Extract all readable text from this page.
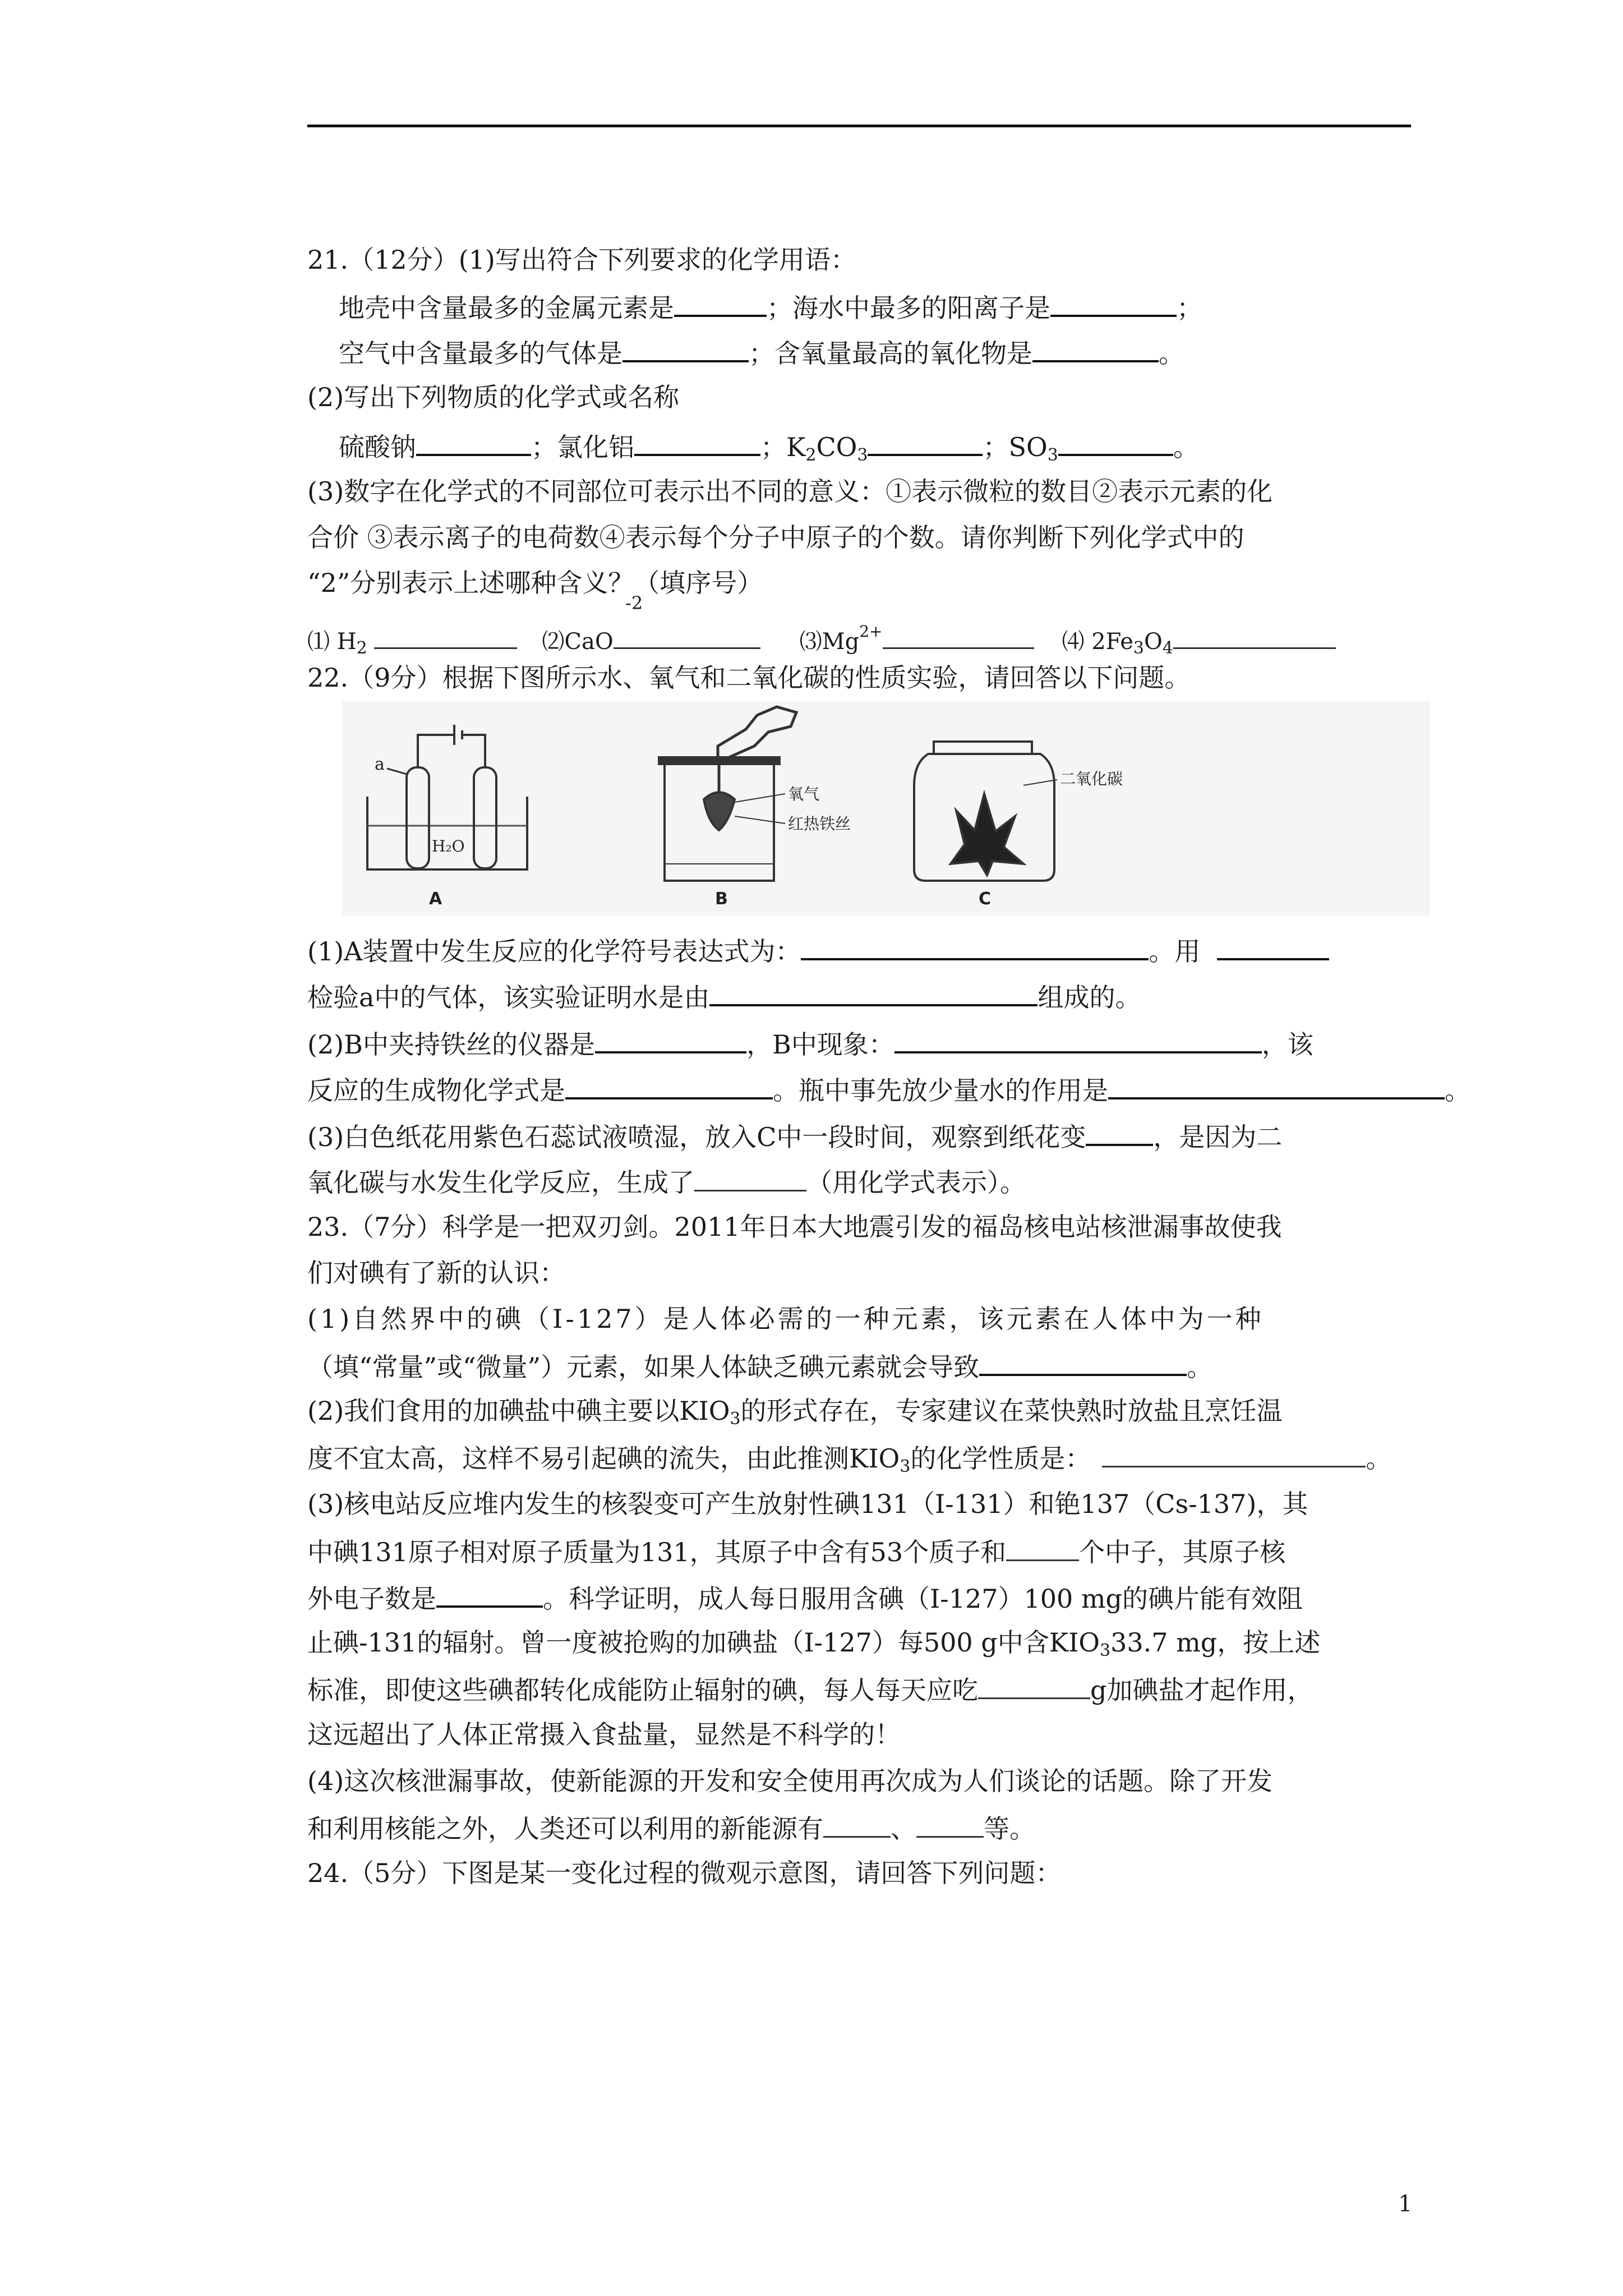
21.（12分）(1)写出符合下列要求的化学用语：
地壳中含量最多的金属元素是	；海水中最多的阳离子是	；
空气中含量最多的气体是	；含氧量最高的氧化物是	。
(2)写出下列物质的化学式或名称
硫酸钠	；氯化铝	；$K_2CO_3$	；$SO_3$	。
(3)数字在化学式的不同部位可表示出不同的意义：①表示微粒的数目②表示元素的化
合价 ③表示离子的电荷数④表示每个分子中原子的个数。请你判断下列化学式中的
“2”分别表示上述哪种含义？（填序号）
-2
⑴ $H_2$	⑵CaO	$⑶Mg^{2+}$	⑷ $2Fe_3O_4$
22.（9分）根据下图所示水、氧气和二氧化碳的性质实验，请回答以下问题。
a
H₂O
A
氧气
红热铁丝
B
二氧化碳
C
(1)A装置中发生反应的化学符号表达式为：	。用
检验a中的气体，该实验证明水是由	组成的。
(2)B中夹持铁丝的仪器是	，B中现象：	，该
反应的生成物化学式是	。瓶中事先放少量水的作用是	。
(3)白色纸花用紫色石蕊试液喷湿，放入C中一段时间，观察到纸花变	，是因为二
氧化碳与水发生化学反应，生成了	（用化学式表示）。
23.（7分）科学是一把双刃剑。2011年日本大地震引发的福岛核电站核泄漏事故使我
们对碘有了新的认识：
(1)自然界中的碘（I-127）是人体必需的一种元素，该元素在人体中为一种
（填“常量”或“微量”）元素，如果人体缺乏碘元素就会导致	。
(2)我们食用的加碘盐中碘主要以$KIO_3$的形式存在，专家建议在菜快熟时放盐且烹饪温
度不宜太高，这样不易引起碘的流失，由此推测$KIO_3$的化学性质是：	。
(3)核电站反应堆内发生的核裂变可产生放射性碘131（I-131）和铯137（Cs-137)，其
中碘131原子相对原子质量为131，其原子中含有53个质子和	个中子，其原子核
外电子数是	。科学证明，成人每日服用含碘（I-127）100 mg的碘片能有效阻
止碘-131的辐射。曾一度被抢购的加碘盐（I-127）每500 g中含$KIO_333.7$ mg，按上述
标准，即使这些碘都转化成能防止辐射的碘，每人每天应吃	g加碘盐才起作用，
这远超出了人体正常摄入食盐量，显然是不科学的！
(4)这次核泄漏事故，使新能源的开发和安全使用再次成为人们谈论的话题。除了开发
和利用核能之外，人类还可以利用的新能源有	、	等。
24.（5分）下图是某一变化过程的微观示意图，请回答下列问题：
1
